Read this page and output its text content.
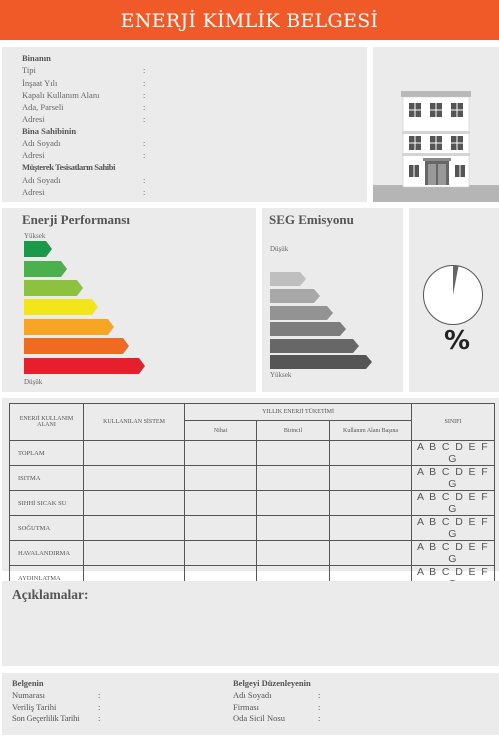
ENERJİ KİMLİK BELGESİ
Binanın
Tipi	:
İnşaat Yılı	:
Kapalı Kullanım Alanı	:
Ada, Parseli	:
Adresi	:
Bina Sahibinin
Adı Soyadı	:
Adresi	:
Müşterek Tesisatların Sahibi
Adı Soyadı	:
Adresi	:
Enerji Performansı
Yüksek
Düşük
SEG Emisyonu
Düşük
Yüksek
%
ENERJİ KULLANIM ALANI	KULLANILAN SİSTEM	YILLIK ENERJİ TÜKETİMİ			SINIFI
		Nihai	Birincil	Kullanım Alanı Başına	
TOPLAM					A B C D E F G
ISITMA					A B C D E F G
SIHHİ SICAK SU					A B C D E F G
SOĞUTMA					A B C D E F G
HAVALANDIRMA					A B C D E F G
AYDINLATMA					A B C D E F
Açıklamalar:
Belgenin
Numarası	:
Veriliş Tarihi	:
Son Geçerlilik Tarihi :
Belgeyi Düzenleyenin
Adı Soyadı	:
Firması	:
Oda Sicil Nosu	:
